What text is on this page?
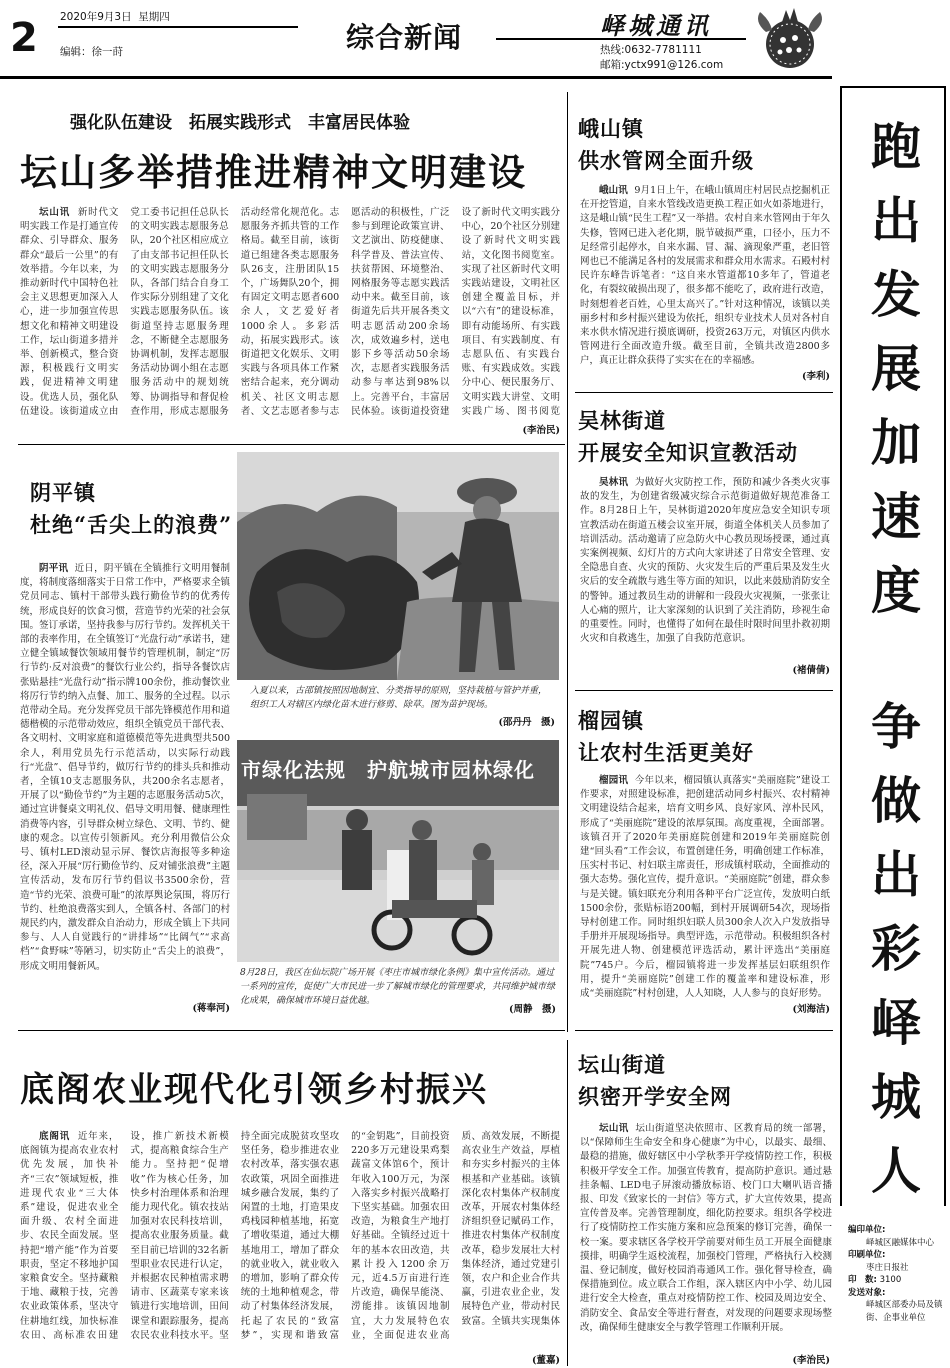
2 2020年9月3日 星期四
编辑：徐一莳	综合新闻	峄城通讯
热线:0632-7781111
邮箱:yctx991@126.com
跑出发展加速度
争做出彩峄城人
编印单位:
峄城区融媒体中心
印刷单位:
枣庄日报社
印　数: 3100
发送对象:
峄城区部委办局及镇街、企事业单位
强化队伍建设　拓展实践形式　丰富居民体验
坛山多举措推进精神文明建设
坛山讯 新时代文明实践工作是打通宣传群众、引导群众、服务群众“最后一公里”的有效举措。今年以来，为推动新时代中国特色社会主义思想更加深入人心，进一步加强宣传思想文化和精神文明建设工作，坛山街道多措并举、创新模式，整合资源，积极践行文明实践，促进精神文明建设。优选人员，强化队伍建设。该街道成立由党工委书记担任总队长的文明实践志愿服务总队，20个社区相应成立了由支部书记担任队长的文明实践志愿服务分队，各部门结合自身工作实际分别组建了文化实践志愿服务队伍。该街道坚持志愿服务理念，不断健全志愿服务协调机制，发挥志愿服务活动协调小组在志愿服务活动中的规划统筹、协调指导和督促检查作用，形成志愿服务活动经常化规范化。志愿服务齐抓共管的工作格局。截至目前，该街道已组建各类志愿服务队26支，注册团队15个，广场舞队20个，拥有固定文明志愿者600余人，文艺爱好者1000余人。多彩活动，拓展实践形式。该街道把文化娱乐、文明实践与各项具体工作紧密结合起来，充分调动机关、社区文明志愿者、文艺志愿者参与志愿活动的积极性，广泛参与到理论政策宣讲、文艺演出、防疫健康、科学普及、普法宣传、扶贫帮困、环境整治、网格服务等志愿实践活动中来。截至目前，该街道先后共开展各类文明志愿活动200余场次，成效遍乡村，送电影下乡等活动50余场次，志愿者实践服务活动参与率达到98%以上。完善平台，丰富居民体验。该街道投资建设了新时代文明实践分中心，20个社区分别建设了新时代文明实践站，文化图书阅览室。实现了社区新时代文明实践站建设，文明社区创建全覆盖目标，并以“六有”的建设标准，即有动能场所、有实践项目、有实践制度、有志愿队伍、有实践台账、有实践成效。实践分中心、便民服务厅、文明实践大讲堂、文明实践广场、图书阅览
(李治民)
阴平镇
杜绝“舌尖上的浪费”
阴平讯 近日，阴平镇在全镇推行文明用餐制度，将制度落细落实于日常工作中，严格要求全镇党员同志、镇村干部带头践行勤俭节约的优秀传统，形成良好的饮食习惯，营造节约光荣的社会氛围。签订承诺，坚持我参与厉行节约。发挥机关干部的表率作用，在全镇签订“光盘行动”承诺书，建立健全镇域餐饮领域用餐节约管理机制，制定“厉行节约·反对浪费”的餐饮行业公约，指导各餐饮店张贴悬挂“光盘行动”指示牌100余份，推动餐饮业将厉行节约纳入点餐、加工、服务的全过程。以示范带动全局。充分发挥党员干部先锋模范作用和道德楷模的示范带动效应，组织全镇党员干部代表、各文明村、文明家庭和道德模范等先进典型共500余人，利用党员先行示范活动，以实际行动践行“光盘”、倡导节约，做厉行节约的排头兵和推动者，全镇10支志愿服务队，共200余名志愿者，开展了以“勤俭节约”为主题的志愿服务活动5次，通过宣讲餐桌文明礼仪、倡导文明用餐、健康理性消费等内容，引导群众树立绿色、文明、节约、健康的观念。以宣传引领新风。充分利用微信公众号、镇村LED滚动显示屏、餐饮店海报等多种途径，深入开展“厉行勤俭节约、反对铺张浪费”主题宣传活动，发布厉行节约倡议书3500余份，营造“节约光荣、浪费可耻”的浓厚舆论氛围，将厉行节约、杜绝浪费落实到人，全镇各村、各部门的村规民约内，激发群众自治动力，形成全镇上下共同参与、人人自觉践行的“讲排场”“比阔气”“求高档”“食野味”等陋习，切实防止“舌尖上的浪费”，形成文明用餐新风。
(蒋奉河)
入夏以来，古邵镇按照因地制宜、分类指导的原则，坚持栽植与管护并重，组织工人对辖区内绿化苗木进行修剪、除草。图为苗护现场。
(邵丹丹　摄)
市绿化法规　护航城市园林绿化
8月28日，我区在仙坛院广场开展《枣庄市城市绿化条例》集中宣传活动。通过一系列的宣传，促使广大市民进一步了解城市绿化的管理要求，共同维护城市绿化成果，确保城市环境日益优越。
(周静　摄)
峨山镇
供水管网全面升级
峨山讯 9月1日上午，在峨山镇周庄村居民点挖掘机正在开挖管道，自来水管线改造更换工程正如火如荼地进行，这是峨山镇“民生工程”又一举措。农村自来水管网由于年久失修，管网已进入老化期，脱节破损严重，口径小，压力不足经常引起停水，自来水漏、冒、漏、滴现象严重，老旧管网也已不能满足各村的发展需求和群众用水需求。石殿村村民许东峰告诉笔者：“这自来水管道都10多年了，管道老化，有裂纹破损出现了，很多都不能吃了，政府进行改造，时刻想着老百姓，心里太高兴了。”针对这种情况，该镇以美丽乡村和乡村振兴建设为依托，组织专业技术人员对各村自来水供水情况进行摸底调研，投资263万元，对镇区内供水管网进行全面改造升级。截至目前，全镇共改造2800多户，真正让群众获得了实实在在的幸福感。
(李利)
吴林街道
开展安全知识宣教活动
吴林讯 为做好火灾防控工作，预防和减少各类火灾事故的发生，为创建省级减灾综合示范街道做好规范准备工作。8月28日上午，吴林街道2020年度应急安全知识专项宣教活动在街道五楼会议室开展，街道全体机关人员参加了培训活动。活动邀请了应急防火中心教员现场授课，通过真实案例视频、幻灯片的方式向大家讲述了日常安全管理、安全隐患自查、火灾的预防、火灾发生后的严重后果及发生火灾后的安全疏散与逃生等方面的知识，以此来鼓励消防安全的警钟。通过教员生动的讲解和一段段火灾视频，一张张让人心痛的照片，让大家深刻的认识到了关注消防，珍视生命的重要性。同时，也懂得了如何在最佳时限时间里扑救初期火灾和自救逃生，加强了自我防范意识。
(褚倩倩)
榴园镇
让农村生活更美好
榴园讯 今年以来，榴园镇认真落实“美丽庭院”建设工作要求，对照建设标准，把创建活动同乡村振兴、农村精神文明建设结合起来，培育文明乡风、良好家风、淳朴民风，形成了“美丽庭院”建设的浓厚氛围。高度重视，全面部署。该镇召开了2020年美丽庭院创建和2019年美丽庭院创建“回头看”工作会议，布置创建任务，明确创建工作标准，压实村书记、村妇联主席责任，形成镇村联动，全面推动的强大态势。强化宣传，提升意识。“美丽庭院”创建，群众参与是关键。镇妇联充分利用各种平台广泛宣传，发放明白纸1500余份，张贴标语200幅，到村开展调研54次，现场指导村创建工作。同时组织妇联人员300余人次入户发放指导手册并开展现场指导。典型评选，示范带动。积极组织各村开展先进人物、创建模范评选活动，累计评选出“美丽庭院”745户。今后，榴园镇将进一步发挥基层妇联组织作用，提升“美丽庭院”创建工作的覆盖率和建设标准，形成“美丽庭院”村村创建，人人知晓，人人参与的良好形势。
(刘海洁)
底阁农业现代化引领乡村振兴
底阁讯 近年来，底阁镇为提高农业农村优先发展，加快补齐“三农”领域短板，推进现代农业“三大体系”建设，促进农业全面升级、农村全面进步、农民全面发展。坚持把“增产能”作为首要职责，坚定不移地护国家粮食安全。坚持藏粮于地、藏粮于技，完善农业政策体系，坚决守住耕地红线，加快标准农田、高标准农田建设，推广新技术新模式，提高粮食综合生产能力。坚持把“促增收”作为核心任务，加快乡村治理体系和治理能力现代化。镇农技站加强对农民科技培训，提高农业服务质量。截至目前已培训的32名新型职业农民进行认定，并根据农民种植需求聘请市、区蔬菜专家来该镇进行实地培训，田间课堂和跟踪服务，提高农民农业科技水平。坚持全面完成脱贫攻坚攻坚任务，稳步推进农业农村改革，落实强农惠农政策，巩固全面推进城乡融合发展，集约了闲置的土地，打造果皮鸡栈园种植基地，拓宽了增收渠道，通过大棚基地用工，增加了群众的就业收入，就业收入的增加，影响了群众传统的土地种植观念，带动了村集体经济发展，托起了农民的“致富梦”，实现和谐致富的“金钥匙”，目前投资220多万元建设果鸡梨蔬富文体馆6个，预计年收入100万元，为深入落实乡村振兴战略打下坚实基础。加强农田改造，为粮食生产地打好基础。全镇经过近十年的基本农田改造，共累计投入1200余万元，近4.5万亩进行连片改造，确保旱能浇、涝能排。该镇因地制宜，大力发展特色农业，全面促进农业高质、高效发展，不断提高农业生产效益，厚植和夯实乡村振兴的主体根基和产业基础。该镇深化农村集体产权制度改革，开展农村集体经济组织登记赋码工作，推进农村集体产权制度改革，稳步发展壮大村集体经济，通过党建引领，农户和企业合作共赢，引进农业企业，发展特色产业，带动村民致富。全镇共实现集体
(董嘉)
坛山街道
织密开学安全网
坛山讯 坛山街道坚决依照市、区教育局的统一部署，以“保障师生生命安全和身心健康”为中心，以最实、最细、最稳的措施，做好辖区中小学秋季开学疫情防控工作，积极积极开学安全工作。加强宣传教育，提高防护意识。通过悬挂条幅、LED电子屏滚动播放标语、校门口大喇叭语音播报、印发《致家长的一封信》等方式，扩大宣传效果，提高宣传普及率。完善管理制度，细化防控要求。组织各学校进行了疫情防控工作实施方案和应急预案的修订完善，确保一校一案。要求辖区各学校开学前要对师生员工开展全面健康摸排，明确学生返校流程，加强校门管理，严格执行入校测温、登记制度，做好校园消毒通风工作。强化督导检查，确保措施到位。成立联合工作组，深入辖区内中小学、幼儿园进行安全大检查，重点对疫情防控工作、校园及周边安全、消防安全、食品安全等进行督查，对发现的问题要求现场整改，确保师生健康安全与教学管理工作顺利开展。
(李治民)
